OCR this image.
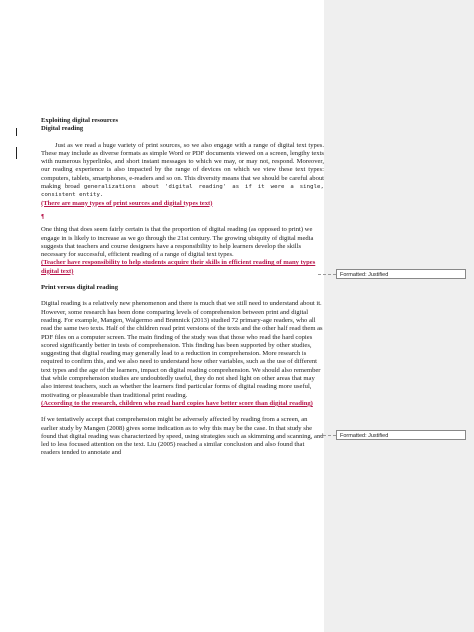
Exploiting digital resources

Digital reading

Just as we read a huge variety of print sources, so we also engage with a range of digital text types. These may include as diverse formats as simple Word or PDF documents viewed on a screen, lengthy texts with numerous hyperlinks, and short instant messages to which we may, or may not, respond. Moreover, our reading experience is also impacted by the range of devices on which we view these text types: computers, tablets, smartphones, e-readers and so on. This diversity means that we should be careful about making broad generalizations about 'digital reading' as if it were a single, consistent entity.

(There are many types of print sources and digital types text)

¶

One thing that does seem fairly certain is that the proportion of digital reading (as opposed to print) we engage in is likely to increase as we go through the 21st century. The growing ubiquity of digital media suggests that teachers and course designers have a responsibility to help learners develop the skills necessary for successful, efficient reading of a range of digital text types.

(Teacher have responsibility to help students acquire their skills in efficient reading of many types digital text)

Print versus digital reading

Digital reading is a relatively new phenomenon and there is much that we still need to understand about it. However, some research has been done comparing levels of comprehension between print and digital reading. For example, Mangen, Walgermo and Brønnick (2013) studied 72 primary-age readers, who all read the same two texts. Half of the children read print versions of the texts and the other half read them as PDF files on a computer screen. The main finding of the study was that those who read the hard copies scored significantly better in tests of comprehension. This finding has been supported by other studies, suggesting that digital reading may generally lead to a reduction in comprehension. More research is required to confirm this, and we also need to understand how other variables, such as the use of different text types and the age of the learners, impact on digital reading comprehension. We should also remember that while comprehension studies are undoubtedly useful, they do not shed light on other areas that may also interest teachers, such as whether the learners find particular forms of digital reading more useful, motivating or pleasurable than traditional print reading.

(According to the research, children who read hard copies have better score than digital reading)

If we tentatively accept that comprehension might be adversely affected by reading from a screen, an earlier study by Mangen (2008) gives some indication as to why this may be the case. In that study she found that digital reading was characterized by speed, using strategies such as skimming and scanning, and led to less focused attention on the text. Liu (2005) reached a similar conclusion and also found that readers tended to annotate and

Formatted: Justified
Formatted: Justified
